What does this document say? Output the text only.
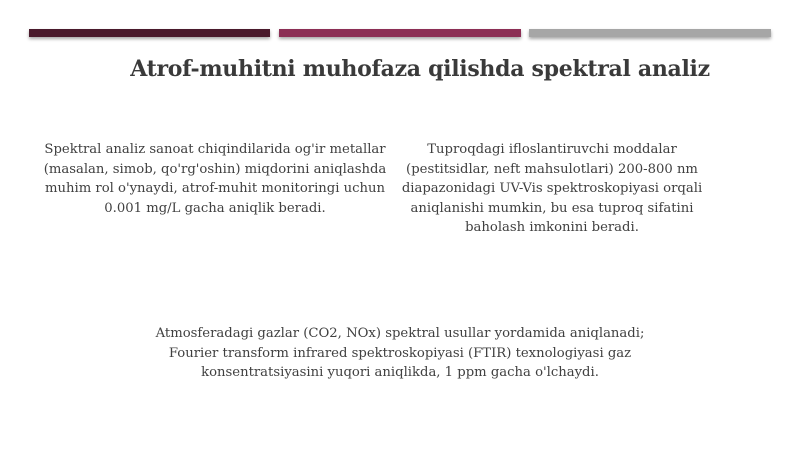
Atrof-muhitni muhofaza qilishda spektral analiz
Spektral analiz sanoat chiqindilarida og'ir metallar (masalan, simob, qo'rg'oshin) miqdorini aniqlashda muhim rol o'ynaydi, atrof-muhit monitoringi uchun 0.001 mg/L gacha aniqlik beradi.
Tuproqdagi ifloslantiruvchi moddalar (pestitsidlar, neft mahsulotlari) 200-800 nm diapazonidagi UV-Vis spektroskopiyasi orqali aniqlanishi mumkin, bu esa tuproq sifatini baholash imkonini beradi.
Atmosferadagi gazlar (CO2, NOx) spektral usullar yordamida aniqlanadi; Fourier transform infrared spektroskopiyasi (FTIR) texnologiyasi gaz konsentratsiyasini yuqori aniqlikda, 1 ppm gacha o'lchaydi.
